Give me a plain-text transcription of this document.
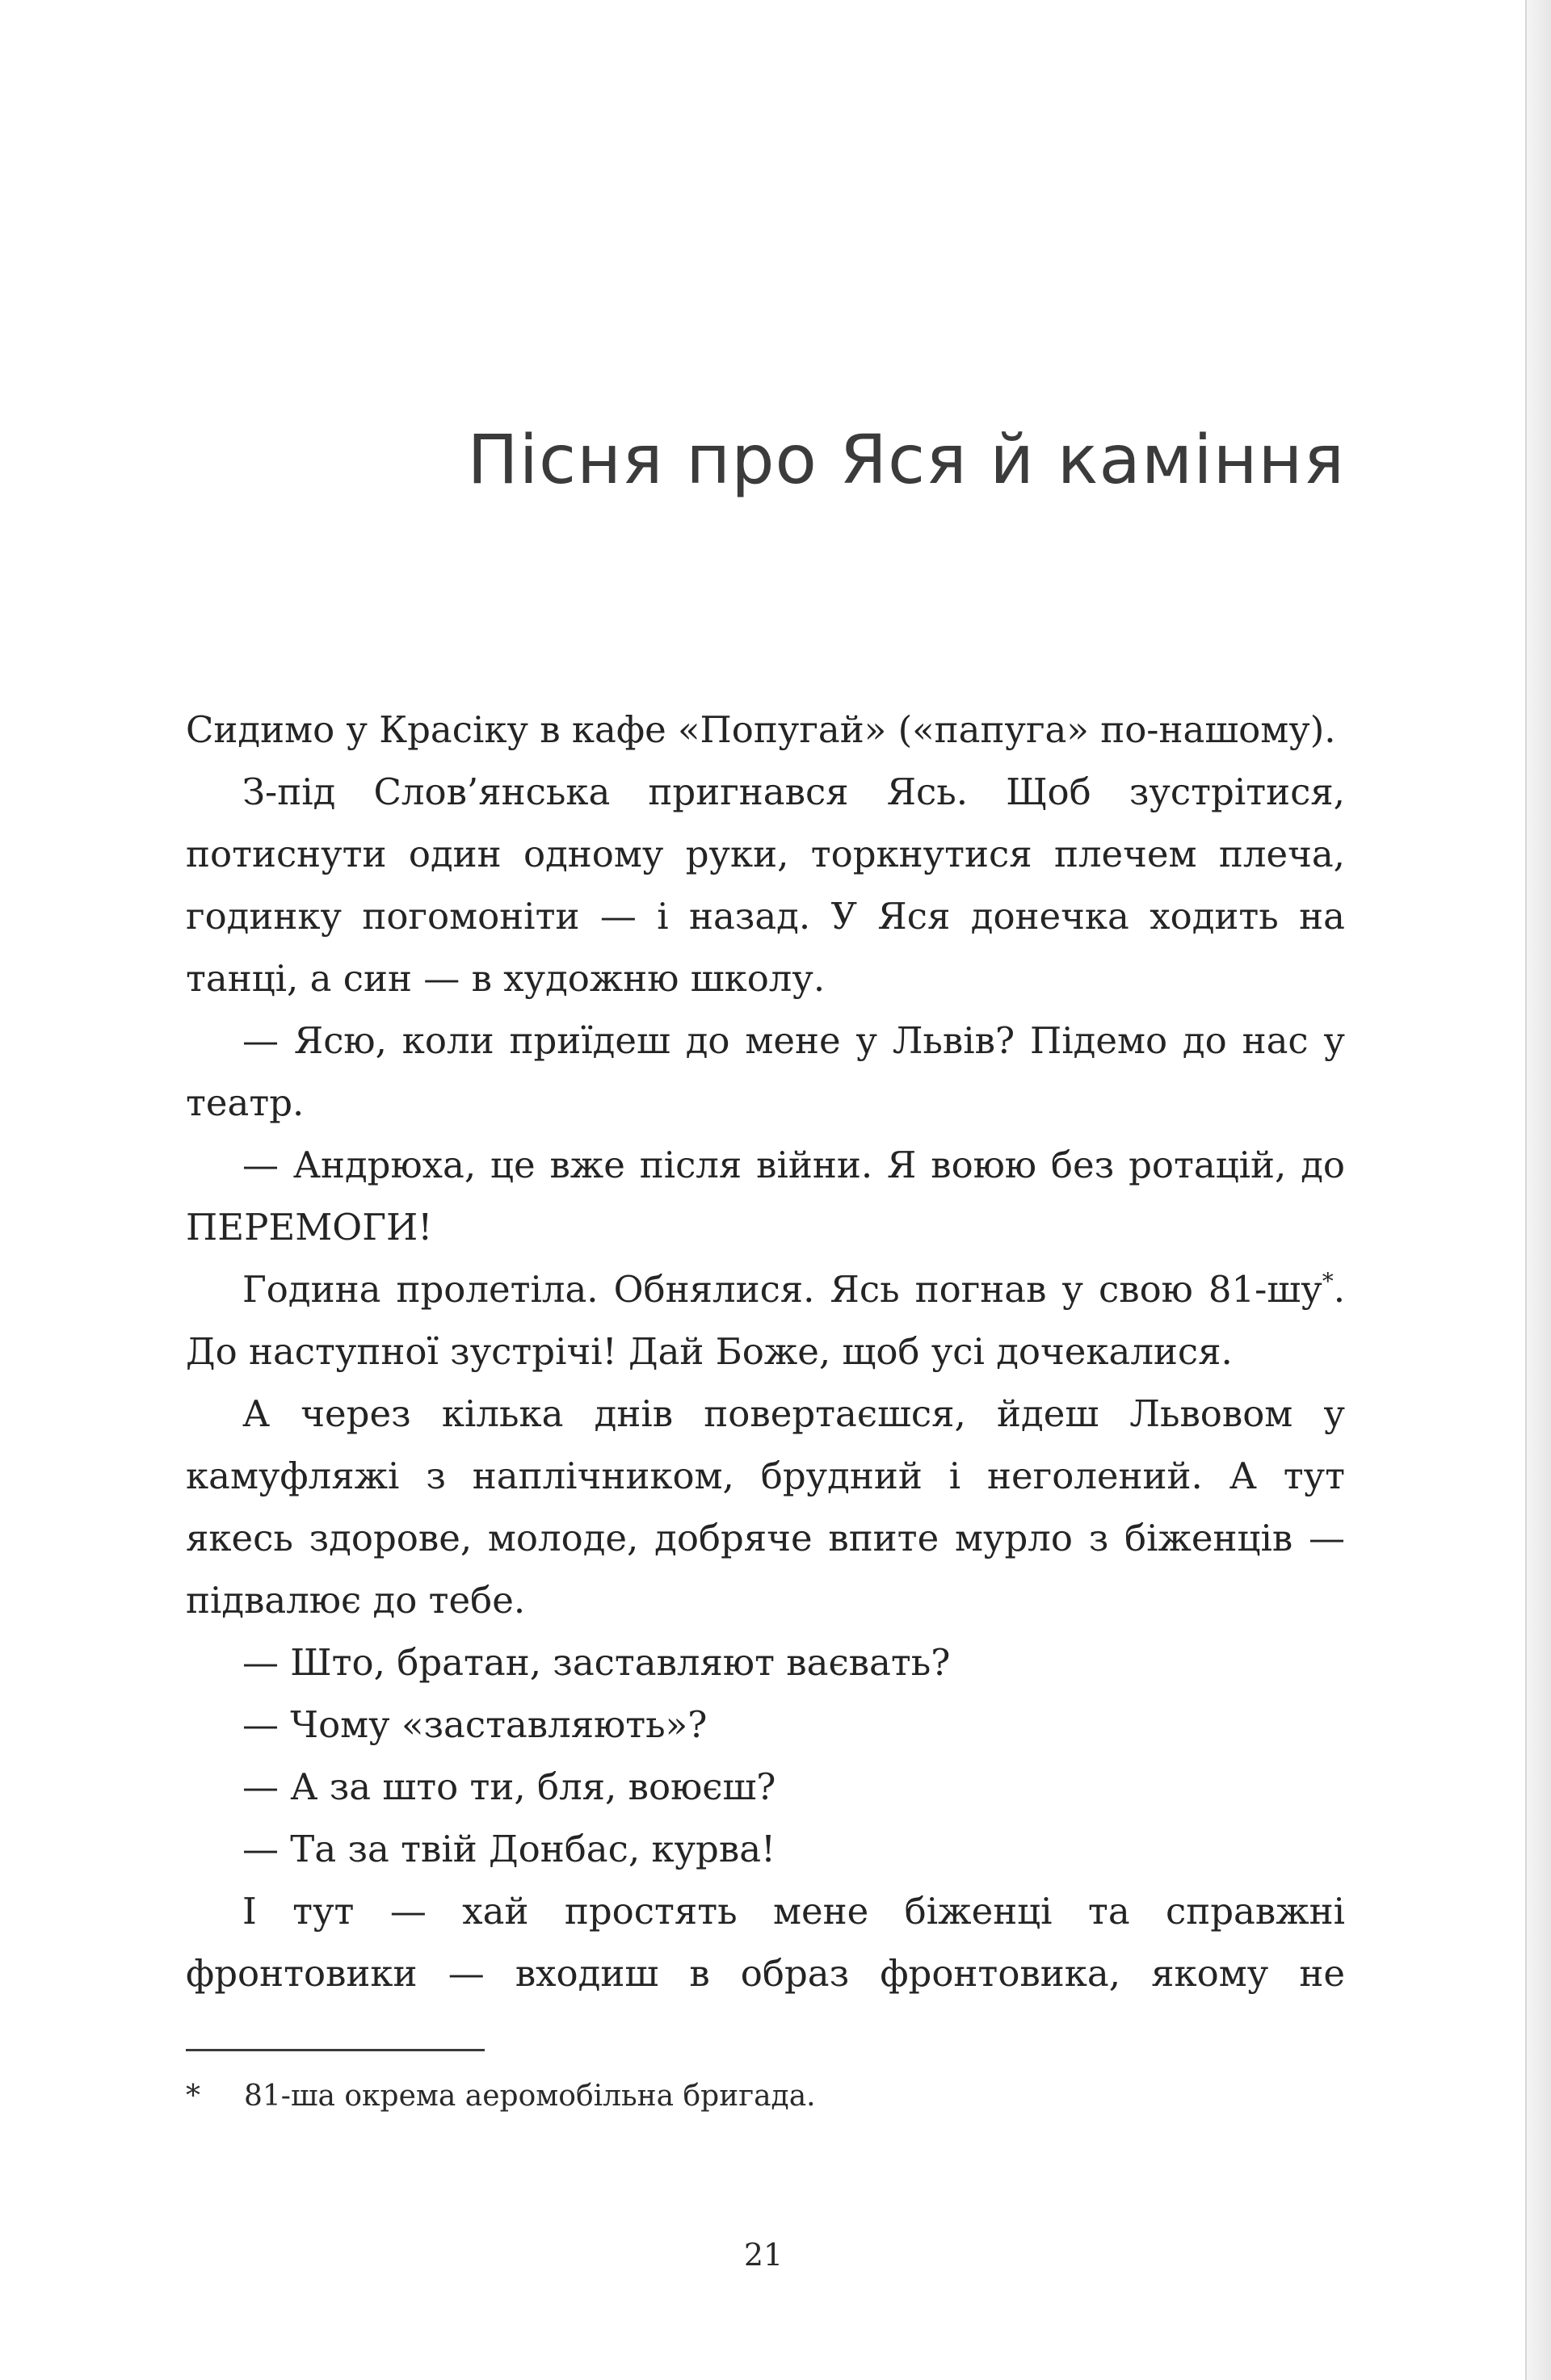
Пісня про Яся й каміння

Сидимо у Красіку в кафе «Попугай» («папуга» по-нашому).

З-під Слов’янська пригнався Ясь. Щоб зустрітися, потиснути один одному руки, торкнутися плечем плеча, годинку погомоніти — і назад. У Яся донечка ходить на танці, а син — в художню школу.

— Ясю, коли приїдеш до мене у Львів? Підемо до нас у театр.

— Андрюха, це вже після війни. Я воюю без ротацій, до ПЕРЕМОГИ!

Година пролетіла. Обнялися. Ясь погнав у свою 81-шу*. До наступної зустрічі! Дай Боже, щоб усі дочекалися.

А через кілька днів повертаєшся, йдеш Львовом у камуфляжі з наплічником, брудний і неголений. А тут якесь здорове, молоде, добряче впите мурло з біженців — підвалює до тебе.

— Што, братан, заставляют ваєвать?

— Чому «заставляють»?

— А за што ти, бля, воюєш?

— Та за твій Донбас, курва!

І тут — хай простять мене біженці та справжні фронтовики — входиш в образ фронтовика, якому не

* 81-ша окрема аеромобільна бригада.
21
